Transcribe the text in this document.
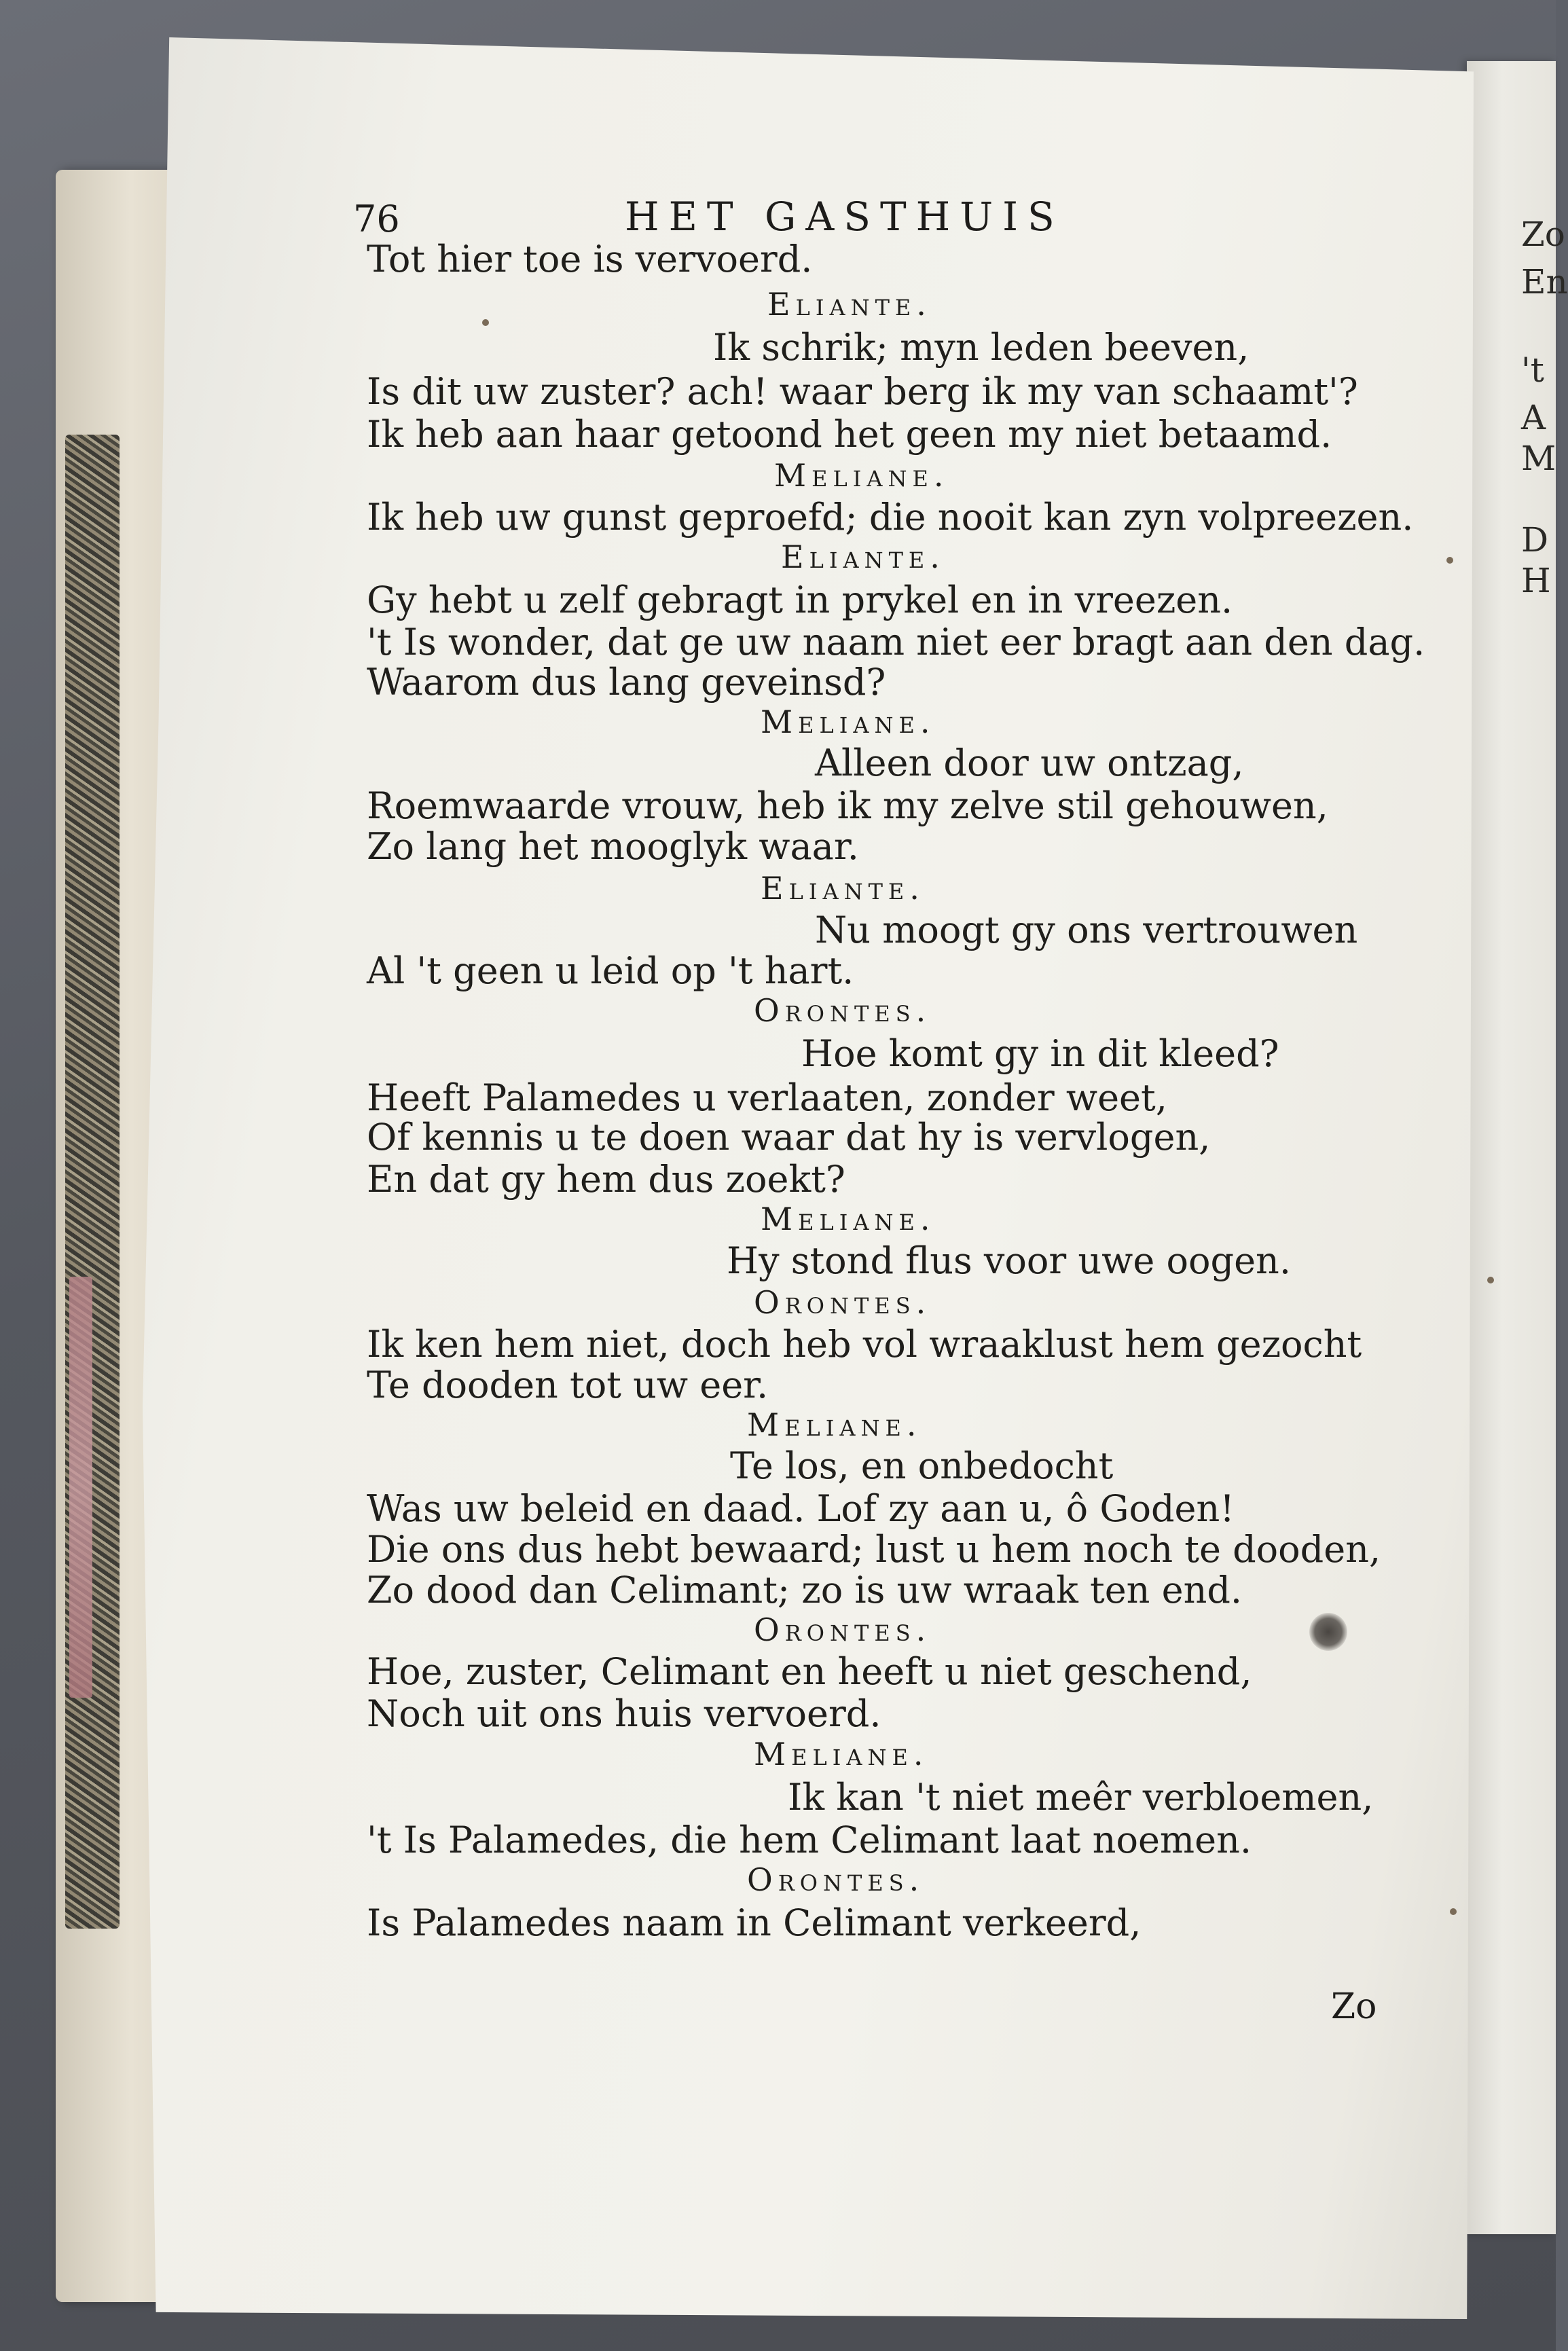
Zo
En
't
A
M
D
H
76	HET GASTHUIS
Tot hier toe is vervoerd.
Eliante.
Ik schrik; myn leden beeven,
Is dit uw zuster? ach! waar berg ik my van schaamt'?
Ik heb aan haar getoond het geen my niet betaamd.
Meliane.
Ik heb uw gunst geproefd; die nooit kan zyn volpreezen.
Eliante.
Gy hebt u zelf gebragt in prykel en in vreezen.
't Is wonder, dat ge uw naam niet eer bragt aan den dag.
Waarom dus lang geveinsd?
Meliane.
Alleen door uw ontzag,
Roemwaarde vrouw, heb ik my zelve stil gehouwen,
Zo lang het mooglyk waar.
Eliante.
Nu moogt gy ons vertrouwen
Al 't geen u leid op 't hart.
Orontes.
Hoe komt gy in dit kleed?
Heeft Palamedes u verlaaten, zonder weet,
Of kennis u te doen waar dat hy is vervlogen,
En dat gy hem dus zoekt?
Meliane.
Hy stond flus voor uwe oogen.
Orontes.
Ik ken hem niet, doch heb vol wraaklust hem gezocht
Te dooden tot uw eer.
Meliane.
Te los, en onbedocht
Was uw beleid en daad. Lof zy aan u, ô Goden!
Die ons dus hebt bewaard; lust u hem noch te dooden,
Zo dood dan Celimant; zo is uw wraak ten end.
Orontes.
Hoe, zuster, Celimant en heeft u niet geschend,
Noch uit ons huis vervoerd.
Meliane.
Ik kan 't niet meêr verbloemen,
't Is Palamedes, die hem Celimant laat noemen.
Orontes.
Is Palamedes naam in Celimant verkeerd,
Zo
